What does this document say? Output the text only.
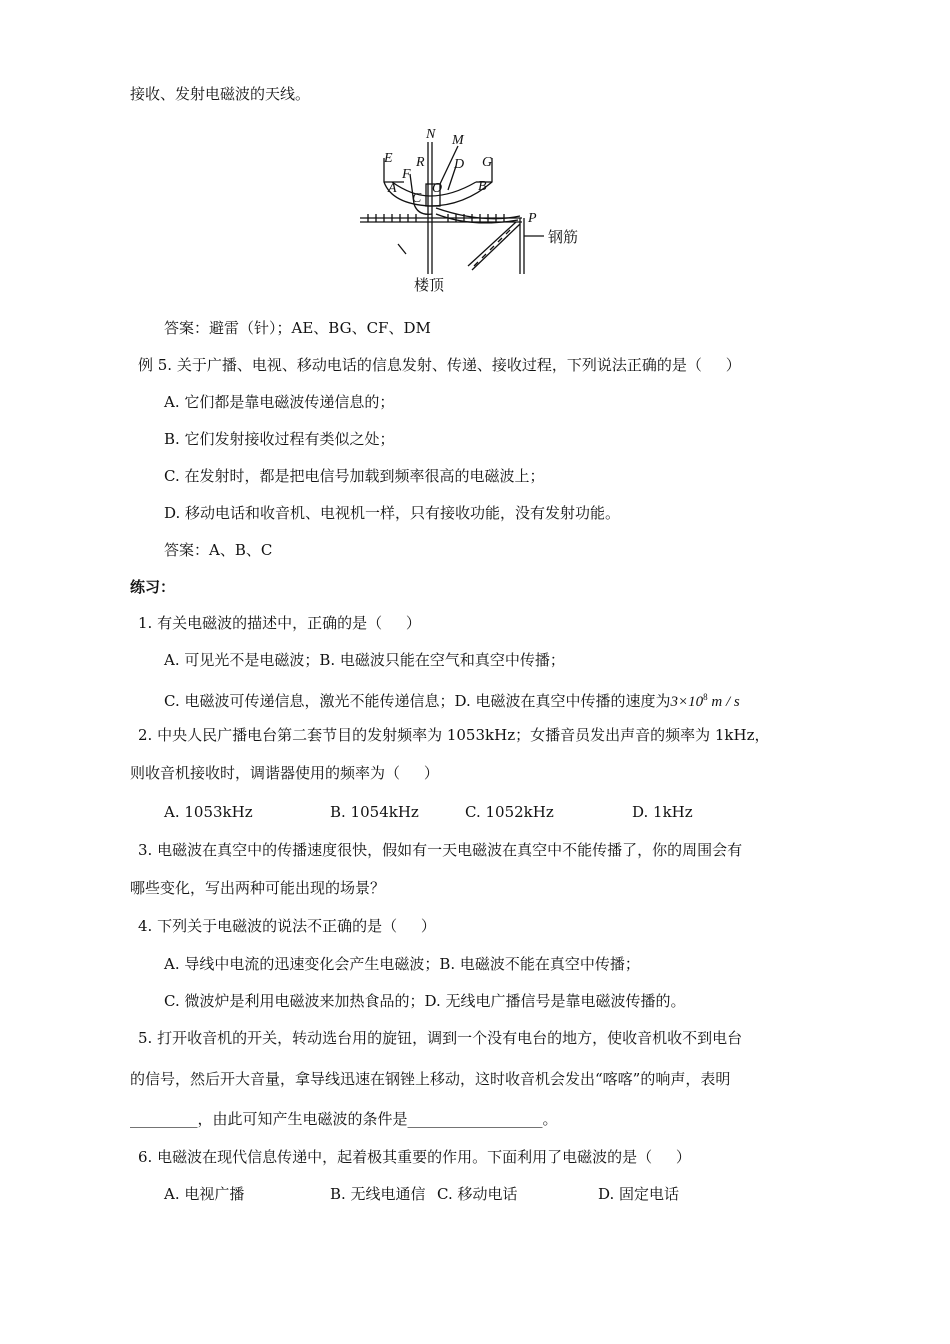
接收、发射电磁波的天线。
N M
E R D G
F
A
C
O	B
P
钢筋
楼顶
答案：避雷（针）；AE、BG、CF、DM
例 5. 关于广播、电视、移动电话的信息发射、传递、接收过程，下列说法正确的是（     ）
A. 它们都是靠电磁波传递信息的；
B. 它们发射接收过程有类似之处；
C. 在发射时，都是把电信号加载到频率很高的电磁波上；
D. 移动电话和收音机、电视机一样，只有接收功能，没有发射功能。
答案：A、B、C
练习：
1. 有关电磁波的描述中，正确的是（     ）
A. 可见光不是电磁波；B. 电磁波只能在空气和真空中传播；
C. 电磁波可传递信息，激光不能传递信息；D. 电磁波在真空中传播的速度为$3\times 10^8$ m / s
2. 中央人民广播电台第二套节目的发射频率为 1053kHz；女播音员发出声音的频率为 1kHz，
则收音机接收时，调谐器使用的频率为（     ）
A. 1053kHz	B. 1054kHz	C. 1052kHz	D. 1kHz
3. 电磁波在真空中的传播速度很快，假如有一天电磁波在真空中不能传播了，你的周围会有
哪些变化，写出两种可能出现的场景？
4. 下列关于电磁波的说法不正确的是（     ）
A. 导线中电流的迅速变化会产生电磁波；B. 电磁波不能在真空中传播；
C. 微波炉是利用电磁波来加热食品的；D. 无线电广播信号是靠电磁波传播的。
5. 打开收音机的开关，转动选台用的旋钮，调到一个没有电台的地方，使收音机收不到电台
的信号，然后开大音量，拿导线迅速在钢锉上移动，这时收音机会发出“喀喀”的响声，表明
_________，由此可知产生电磁波的条件是__________________。
6. 电磁波在现代信息传递中，起着极其重要的作用。下面利用了电磁波的是（     ）
A. 电视广播	B. 无线电通信 C. 移动电话	D. 固定电话
